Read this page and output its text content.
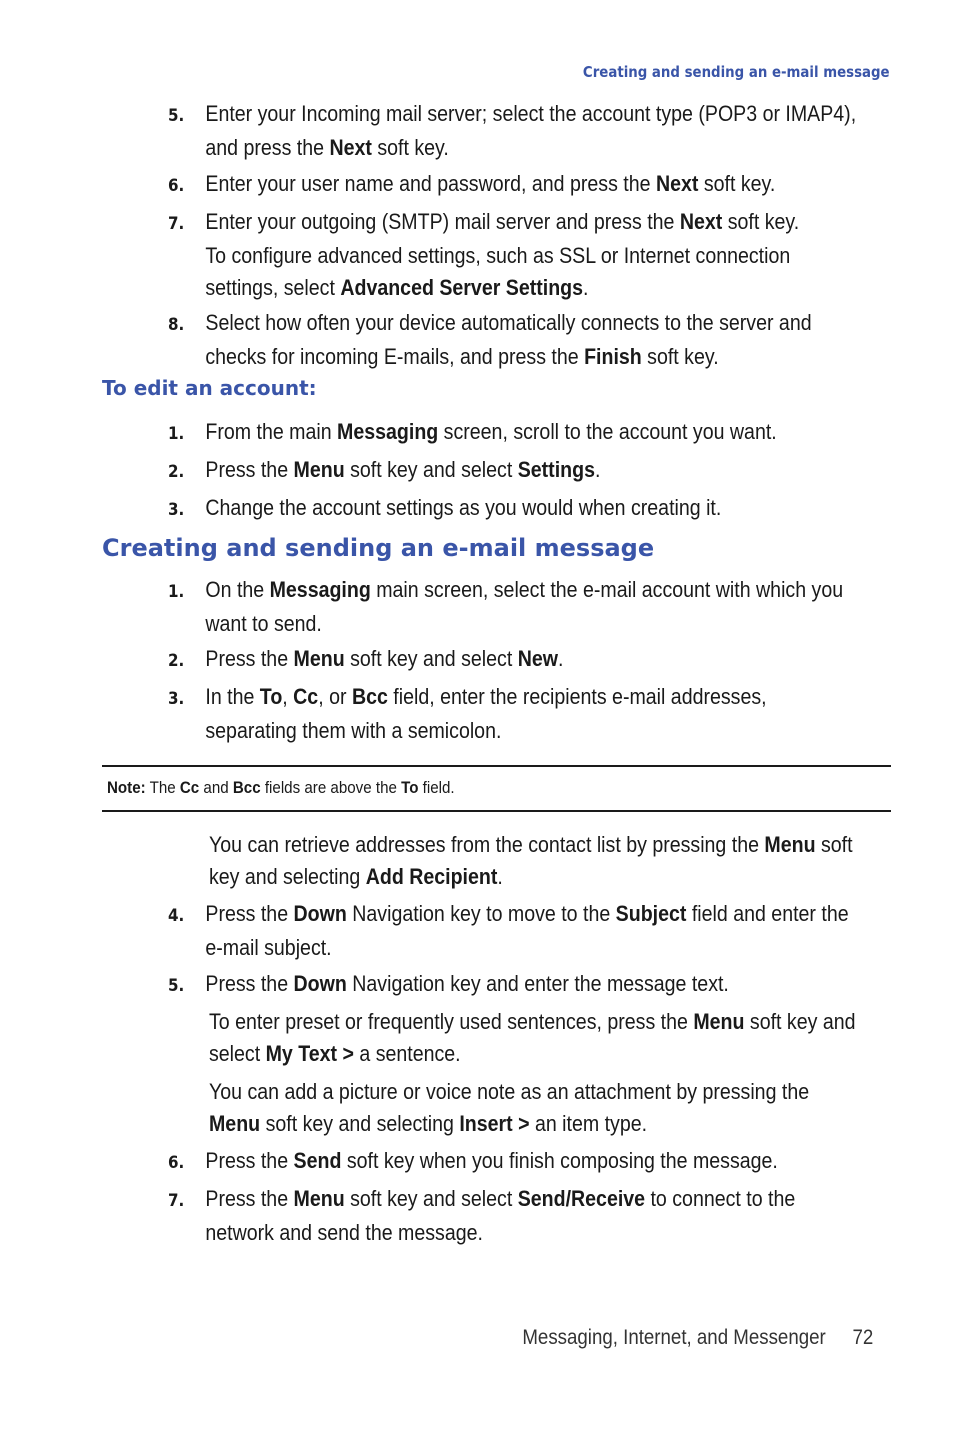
Creating and sending an e-mail message
5. Enter your Incoming mail server; select the account type (POP3 or IMAP4),
and press the Next soft key.
6. Enter your user name and password, and press the Next soft key.
7. Enter your outgoing (SMTP) mail server and press the Next soft key.
To configure advanced settings, such as SSL or Internet connection
settings, select Advanced Server Settings.
8. Select how often your device automatically connects to the server and
checks for incoming E-mails, and press the Finish soft key.
To edit an account:
1. From the main Messaging screen, scroll to the account you want.
2. Press the Menu soft key and select Settings.
3. Change the account settings as you would when creating it.
Creating and sending an e-mail message
1. On the Messaging main screen, select the e-mail account with which you
want to send.
2. Press the Menu soft key and select New.
3. In the To, Cc, or Bcc field, enter the recipients e-mail addresses,
separating them with a semicolon.
Note: The Cc and Bcc fields are above the To field.
You can retrieve addresses from the contact list by pressing the Menu soft
key and selecting Add Recipient.
4. Press the Down Navigation key to move to the Subject field and enter the
e-mail subject.
5. Press the Down Navigation key and enter the message text.
To enter preset or frequently used sentences, press the Menu soft key and
select My Text > a sentence.
You can add a picture or voice note as an attachment by pressing the
Menu soft key and selecting Insert > an item type.
6. Press the Send soft key when you finish composing the message.
7. Press the Menu soft key and select Send/Receive to connect to the
network and send the message.
Messaging, Internet, and Messenger 72
